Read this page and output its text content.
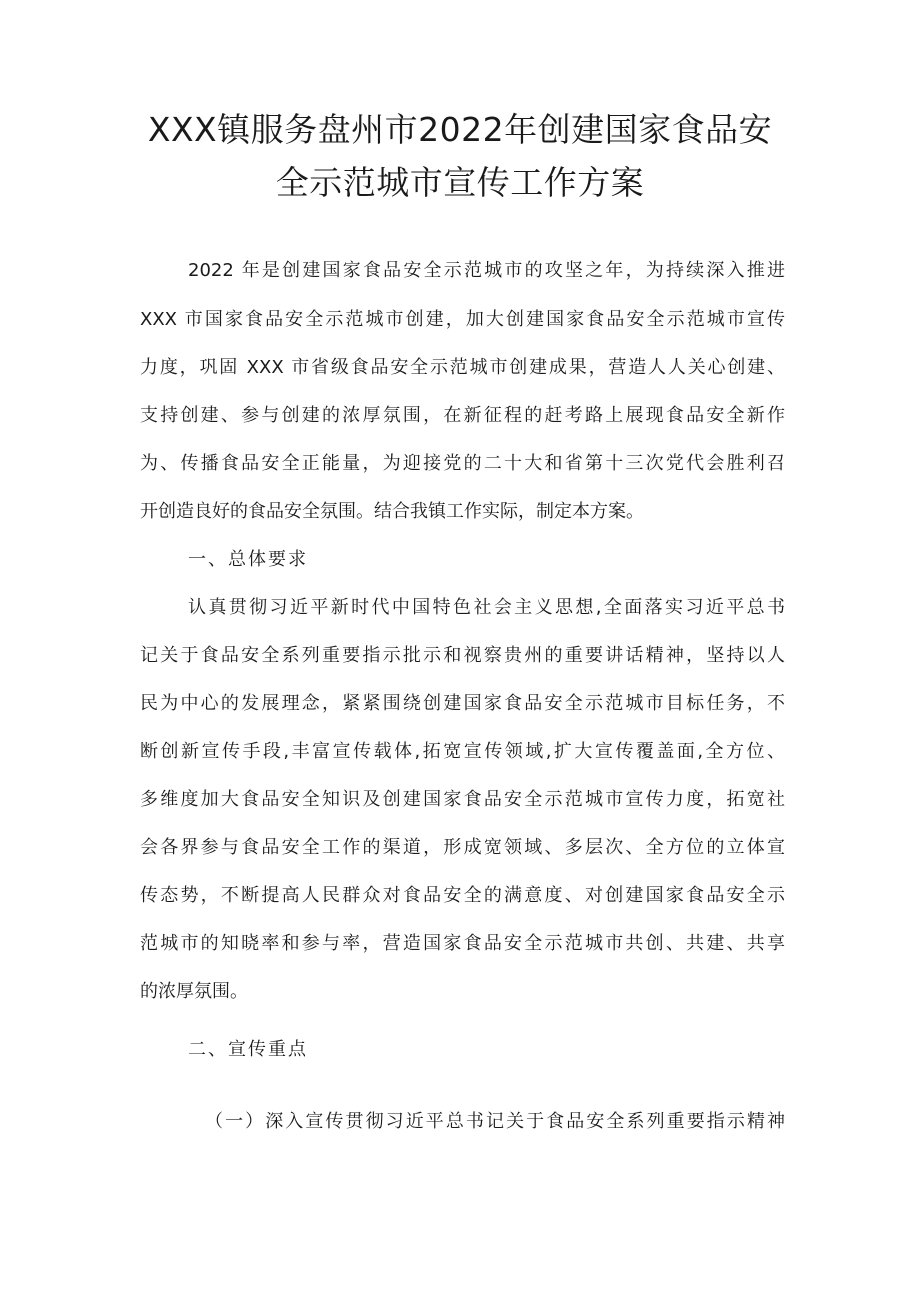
XXX镇服务盘州市2022年创建国家食品安
全示范城市宣传工作方案

2022 年是创建国家食品安全示范城市的攻坚之年，为持续深入推进

XXX 市国家食品安全示范城市创建，加大创建国家食品安全示范城市宣传

力度，巩固 XXX 市省级食品安全示范城市创建成果，营造人人关心创建、

支持创建、参与创建的浓厚氛围，在新征程的赶考路上展现食品安全新作

为、传播食品安全正能量，为迎接党的二十大和省第十三次党代会胜利召

开创造良好的食品安全氛围。结合我镇工作实际，制定本方案。

一、总体要求

认真贯彻习近平新时代中国特色社会主义思想,全面落实习近平总书

记关于食品安全系列重要指示批示和视察贵州的重要讲话精神，坚持以人

民为中心的发展理念，紧紧围绕创建国家食品安全示范城市目标任务，不

断创新宣传手段,丰富宣传载体,拓宽宣传领域,扩大宣传覆盖面,全方位、

多维度加大食品安全知识及创建国家食品安全示范城市宣传力度，拓宽社

会各界参与食品安全工作的渠道，形成宽领域、多层次、全方位的立体宣

传态势，不断提高人民群众对食品安全的满意度、对创建国家食品安全示

范城市的知晓率和参与率，营造国家食品安全示范城市共创、共建、共享

的浓厚氛围。

二、宣传重点

（一）深入宣传贯彻习近平总书记关于食品安全系列重要指示精神
